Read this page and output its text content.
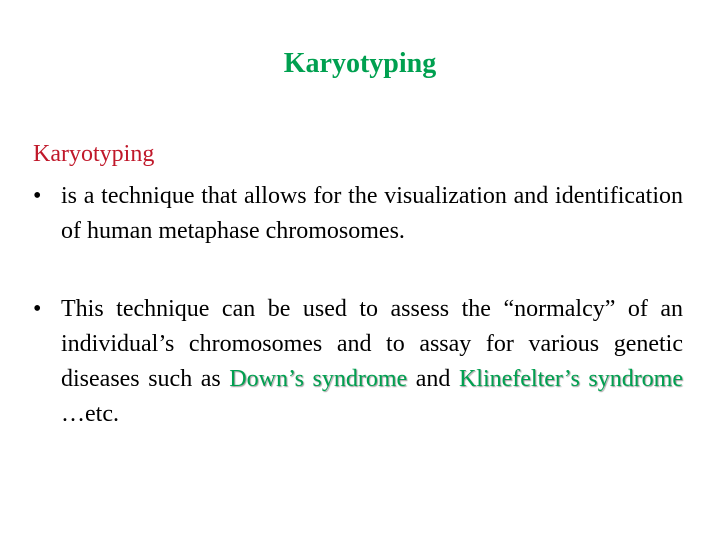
Karyotyping
Karyotyping
• is a technique that allows for the visualization and identification of human metaphase chromosomes.
• This technique can be used to assess the “normalcy” of an individual’s chromosomes and to assay for various genetic diseases such as Down’s syndrome and Klinefelter’s syndrome …etc.
